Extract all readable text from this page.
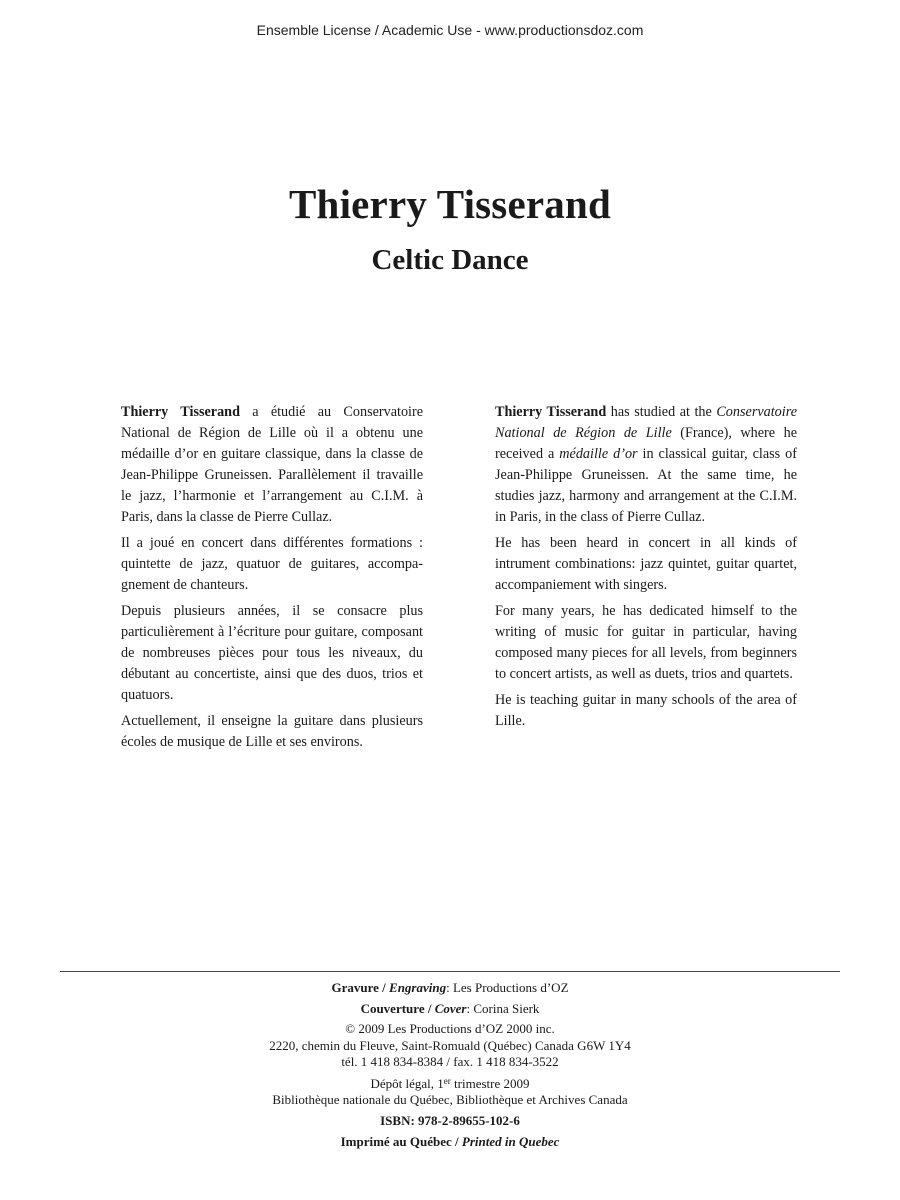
Ensemble License / Academic Use - www.productionsdoz.com
Thierry Tisserand
Celtic Dance

Thierry Tisserand a étudié au Conservatoire National de Région de Lille où il a obtenu une médaille d’or en guitare classique, dans la classe de Jean-Philippe Gruneissen. Parallèlement il travaille le jazz, l’harmonie et l’arrangement au C.I.M. à Paris, dans la classe de Pierre Cullaz.

Il a joué en concert dans différentes formations : quintette de jazz, quatuor de guitares, accompagnement de chanteurs.

Depuis plusieurs années, il se consacre plus particulièrement à l’écriture pour guitare, composant de nombreuses pièces pour tous les niveaux, du débutant au concertiste, ainsi que des duos, trios et quatuors.

Actuellement, il enseigne la guitare dans plusieurs écoles de musique de Lille et ses environs.

Thierry Tisserand has studied at the Conservatoire National de Région de Lille (France), where he received a médaille d’or in classical guitar, class of Jean-Philippe Gruneissen. At the same time, he studies jazz, harmony and arrangement at the C.I.M. in Paris, in the class of Pierre Cullaz.

He has been heard in concert in all kinds of intrument combinations: jazz quintet, guitar quartet, accompaniement with singers.

For many years, he has dedicated himself to the writing of music for guitar in particular, having composed many pieces for all levels, from beginners to concert artists, as well as duets, trios and quartets.

He is teaching guitar in many schools of the area of Lille.

Gravure / Engraving: Les Productions d’OZ
Couverture / Cover: Corina Sierk
© 2009 Les Productions d’OZ 2000 inc.
2220, chemin du Fleuve, Saint-Romuald (Québec) Canada G6W 1Y4
tél. 1 418 834-8384 / fax. 1 418 834-3522
Dépôt légal, 1er trimestre 2009
Bibliothèque nationale du Québec, Bibliothèque et Archives Canada
ISBN: 978-2-89655-102-6
Imprimé au Québec / Printed in Quebec
